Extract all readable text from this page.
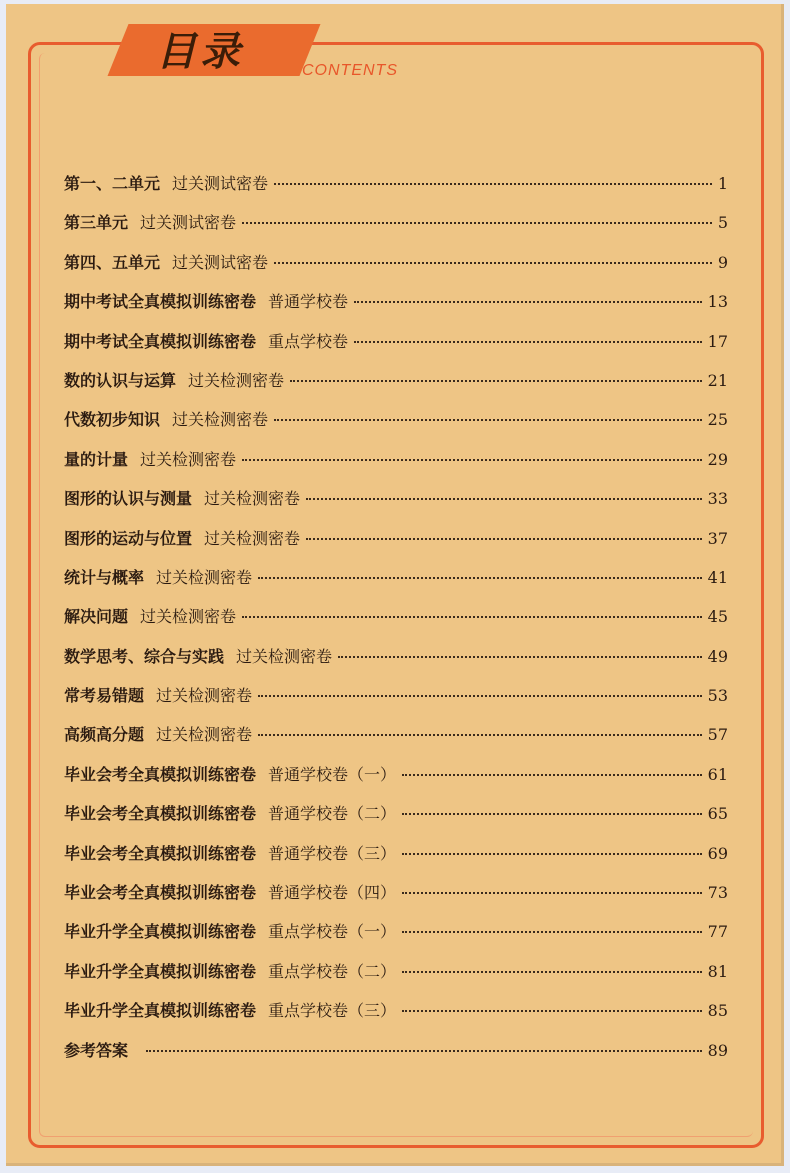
目录	CONTENTS
第一、二单元 过关测试密卷	1
第三单元 过关测试密卷	5
第四、五单元 过关测试密卷	9
期中考试全真模拟训练密卷 普通学校卷	13
期中考试全真模拟训练密卷 重点学校卷	17
数的认识与运算 过关检测密卷	21
代数初步知识 过关检测密卷	25
量的计量 过关检测密卷	29
图形的认识与测量 过关检测密卷	33
图形的运动与位置 过关检测密卷	37
统计与概率 过关检测密卷	41
解决问题 过关检测密卷	45
数学思考、综合与实践 过关检测密卷	49
常考易错题 过关检测密卷	53
高频高分题 过关检测密卷	57
毕业会考全真模拟训练密卷 普通学校卷（一）	61
毕业会考全真模拟训练密卷 普通学校卷（二）	65
毕业会考全真模拟训练密卷 普通学校卷（三）	69
毕业会考全真模拟训练密卷 普通学校卷（四）	73
毕业升学全真模拟训练密卷 重点学校卷（一）	77
毕业升学全真模拟训练密卷 重点学校卷（二）	81
毕业升学全真模拟训练密卷 重点学校卷（三）	85
参考答案	89
